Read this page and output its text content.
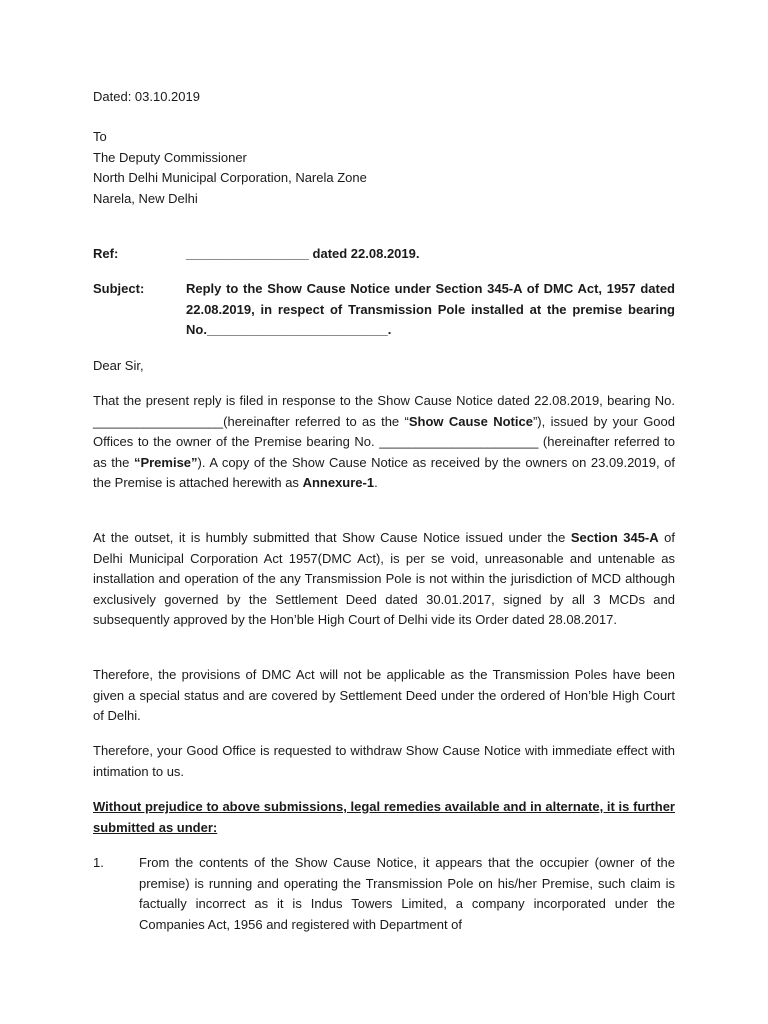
Dated: 03.10.2019

To
The Deputy Commissioner
North Delhi Municipal Corporation, Narela Zone
Narela, New Delhi

Ref:	_________________ dated 22.08.2019.

Subject:	Reply to the Show Cause Notice under Section 345-A of DMC Act, 1957 dated 22.08.2019, in respect of Transmission Pole installed at the premise bearing No._________________________.

Dear Sir,

That the present reply is filed in response to the Show Cause Notice dated 22.08.2019, bearing No. __________________(hereinafter referred to as the “Show Cause Notice”), issued by your Good Offices to the owner of the Premise bearing No. ______________________ (hereinafter referred to as the “Premise”). A copy of the Show Cause Notice as received by the owners on 23.09.2019, of the Premise is attached herewith as Annexure-1.

At the outset, it is humbly submitted that Show Cause Notice issued under the Section 345-A of Delhi Municipal Corporation Act 1957(DMC Act), is per se void, unreasonable and untenable as installation and operation of the any Transmission Pole is not within the jurisdiction of MCD although exclusively governed by the Settlement Deed dated 30.01.2017, signed by all 3 MCDs and subsequently approved by the Hon’ble High Court of Delhi vide its Order dated 28.08.2017.

Therefore, the provisions of DMC Act will not be applicable as the Transmission Poles have been given a special status and are covered by Settlement Deed under the ordered of Hon’ble High Court of Delhi.

Therefore, your Good Office is requested to withdraw Show Cause Notice with immediate effect with intimation to us.

Without prejudice to above submissions, legal remedies available and in alternate, it is further submitted as under:

1.	From the contents of the Show Cause Notice, it appears that the occupier (owner of the premise) is running and operating the Transmission Pole on his/her Premise, such claim is factually incorrect as it is Indus Towers Limited, a company incorporated under the Companies Act, 1956 and registered with Department of
